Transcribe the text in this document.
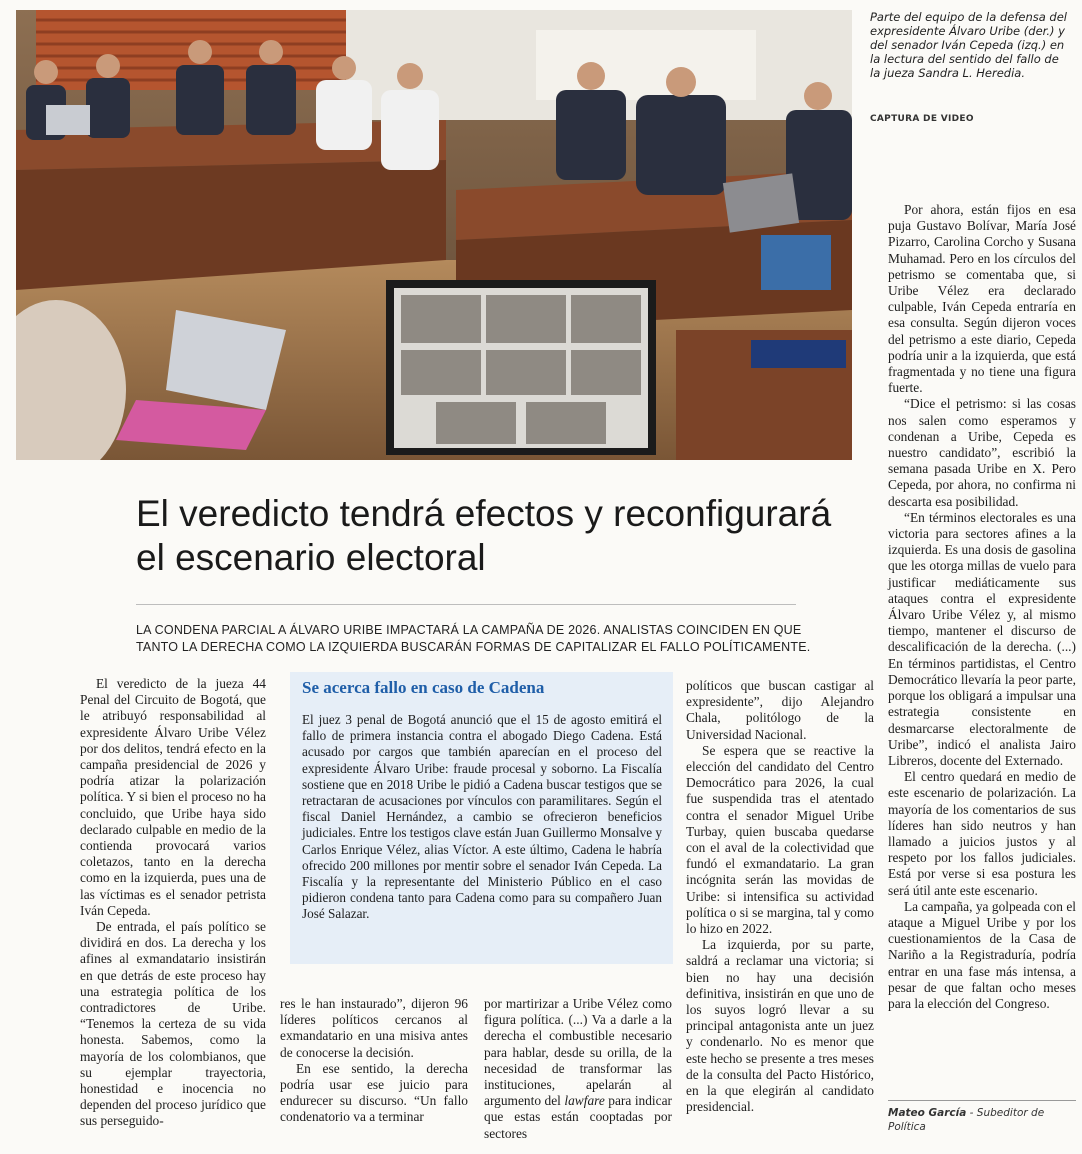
Parte del equipo de la defensa del expresidente Álvaro Uribe (der.) y del senador Iván Cepeda (izq.) en la lectura del sentido del fallo de la jueza Sandra L. Heredia.
CAPTURA DE VIDEO
El veredicto tendrá efectos y reconfigurará el escenario electoral
LA CONDENA PARCIAL A ÁLVARO URIBE IMPACTARÁ LA CAMPAÑA DE 2026. ANALISTAS COINCIDEN EN QUE TANTO LA DERECHA COMO LA IZQUIERDA BUSCARÁN FORMAS DE CAPITALIZAR EL FALLO POLÍTICAMENTE.

El veredicto de la jueza 44 Penal del Circuito de Bogotá, que le atribuyó responsabilidad al expresidente Álvaro Uribe Vélez por dos delitos, tendrá efecto en la campaña presidencial de 2026 y podría atizar la polarización política. Y si bien el proceso no ha concluido, que Uribe haya sido declarado culpable en medio de la contienda provocará varios coletazos, tanto en la derecha como en la izquierda, pues una de las víctimas es el senador petrista Iván Cepeda.

De entrada, el país político se dividirá en dos. La derecha y los afines al exmandatario insistirán en que detrás de este proceso hay una estrategia política de los contradictores de Uribe. “Tenemos la certeza de su vida honesta. Sabemos, como la mayoría de los colombianos, que su ejemplar trayectoria, honestidad e inocencia no dependen del proceso jurídico que sus perseguido-

Se acerca fallo en caso de Cadena

El juez 3 penal de Bogotá anunció que el 15 de agosto emitirá el fallo de primera instancia contra el abogado Diego Cadena. Está acusado por cargos que también aparecían en el proceso del expresidente Álvaro Uribe: fraude procesal y soborno. La Fiscalía sostiene que en 2018 Uribe le pidió a Cadena buscar testigos que se retractaran de acusaciones por vínculos con paramilitares. Según el fiscal Daniel Hernández, a cambio se ofrecieron beneficios judiciales. Entre los testigos clave están Juan Guillermo Monsalve y Carlos Enrique Vélez, alias Víctor. A este último, Cadena le habría ofrecido 200 millones por mentir sobre el senador Iván Cepeda. La Fiscalía y la representante del Ministerio Público en el caso pidieron condena tanto para Cadena como para su compañero Juan José Salazar.

res le han instaurado”, dijeron 96 líderes políticos cercanos al exmandatario en una misiva antes de conocerse la decisión.

En ese sentido, la derecha podría usar ese juicio para endurecer su discurso. “Un fallo condenatorio va a terminar

por martirizar a Uribe Vélez como figura política. (...) Va a darle a la derecha el combustible necesario para hablar, desde su orilla, de la necesidad de transformar las instituciones, apelarán al argumento del lawfare para indicar que estas están cooptadas por sectores

políticos que buscan castigar al expresidente”, dijo Alejandro Chala, politólogo de la Universidad Nacional.

Se espera que se reactive la elección del candidato del Centro Democrático para 2026, la cual fue suspendida tras el atentado contra el senador Miguel Uribe Turbay, quien buscaba quedarse con el aval de la colectividad que fundó el exmandatario. La gran incógnita serán las movidas de Uribe: si intensifica su actividad política o si se margina, tal y como lo hizo en 2022.

La izquierda, por su parte, saldrá a reclamar una victoria; si bien no hay una decisión definitiva, insistirán en que uno de los suyos logró llevar a su principal antagonista ante un juez y condenarlo. No es menor que este hecho se presente a tres meses de la consulta del Pacto Histórico, en la que elegirán al candidato presidencial.

Por ahora, están fijos en esa puja Gustavo Bolívar, María José Pizarro, Carolina Corcho y Susana Muhamad. Pero en los círculos del petrismo se comentaba que, si Uribe Vélez era declarado culpable, Iván Cepeda entraría en esa consulta. Según dijeron voces del petrismo a este diario, Cepeda podría unir a la izquierda, que está fragmentada y no tiene una figura fuerte.

“Dice el petrismo: si las cosas nos salen como esperamos y condenan a Uribe, Cepeda es nuestro candidato”, escribió la semana pasada Uribe en X. Pero Cepeda, por ahora, no confirma ni descarta esa posibilidad.

“En términos electorales es una victoria para sectores afines a la izquierda. Es una dosis de gasolina que les otorga millas de vuelo para justificar mediáticamente sus ataques contra el expresidente Álvaro Uribe Vélez y, al mismo tiempo, mantener el discurso de descalificación de la derecha. (...) En términos partidistas, el Centro Democrático llevaría la peor parte, porque los obligará a impulsar una estrategia consistente en desmarcarse electoralmente de Uribe”, indicó el analista Jairo Libreros, docente del Externado.

El centro quedará en medio de este escenario de polarización. La mayoría de los comentarios de sus líderes han sido neutros y han llamado a juicios justos y al respeto por los fallos judiciales. Está por verse si esa postura les será útil ante este escenario.

La campaña, ya golpeada con el ataque a Miguel Uribe y por los cuestionamientos de la Casa de Nariño a la Registraduría, podría entrar en una fase más intensa, a pesar de que faltan ocho meses para la elección del Congreso.

Mateo García - Subeditor de Política
